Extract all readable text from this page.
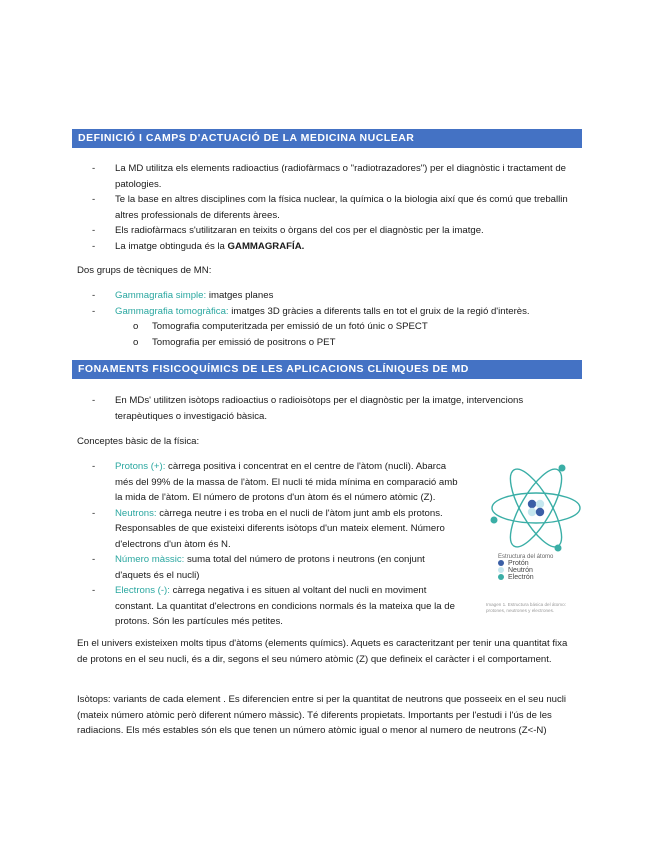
DEFINICIÓ I CAMPS D'ACTUACIÓ DE LA MEDICINA NUCLEAR
- La MD utilitza els elements radioactius (radiofàrmacs o "radiotrazadores") per el diagnòstic i tractament de patologies.
- Te la base en altres disciplines com la física nuclear, la química o la biologia així que és comú que treballin altres professionals de diferents àrees.
- Els radiofàrmacs s'utilitzaran en teixits o òrgans del cos per el diagnòstic per la imatge.
- La imatge obtinguda és la GAMMAGRAFÍA.
Dos grups de tècniques de MN:
- Gammagrafia simple: imatges planes
- Gammagrafia tomogràfica: imatges 3D gràcies a diferents talls en tot el gruix de la regió d'interès.
o Tomografia computeritzada per emissió de un fotó únic o SPECT
o Tomografia per emissió de positrons o PET
FONAMENTS FISICOQUÍMICS DE LES APLICACIONS CLÍNIQUES DE MD
- En MDs' utilitzen isòtops radioactius o radioisòtops per el diagnòstic per la imatge, intervencions terapèutiques o investigació bàsica.
Conceptes bàsic de la física:
- Protons (+): càrrega positiva i concentrat en el centre de l'àtom (nucli). Abarca més del 99% de la massa de l'àtom. El nucli té mida mínima en comparació amb la mida de l'àtom. El número de protons d'un àtom és el número atòmic (Z).
- Neutrons: càrrega neutre i es troba en el nucli de l'àtom junt amb els protons. Responsables de que existeixi diferents isòtops d'un mateix element. Número d'electrons d'un àtom és N.
- Número màssic: suma total del número de protons i neutrons (en conjunt d'aquets és el nucli)
- Electrons (-): càrrega negativa i es situen al voltant del nucli en moviment constant. La quantitat d'electrons en condicions normals és la mateixa que la de protons. Són les partícules més petites.
Estructura del átomo
Protón
Neutrón
Electrón
Imagen 1. Estructura básica del átomo: protones, neutrones y electrones.
En el univers existeixen molts tipus d'àtoms (elements químics). Aquets es caracteritzant per tenir una quantitat fixa de protons en el seu nucli, és a dir, segons el seu número atòmic (Z) que defineix el caràcter i el comportament.
Isòtops: variants de cada element . Es diferencien entre si per la quantitat de neutrons que posseeix en el seu nucli (mateix número atòmic però diferent número màssic). Té diferents propietats. Importants per l'estudi i l'ús de les radiacions. Els més estables són els que tenen un número atòmic igual o menor al numero de neutrons (Z<-N)
